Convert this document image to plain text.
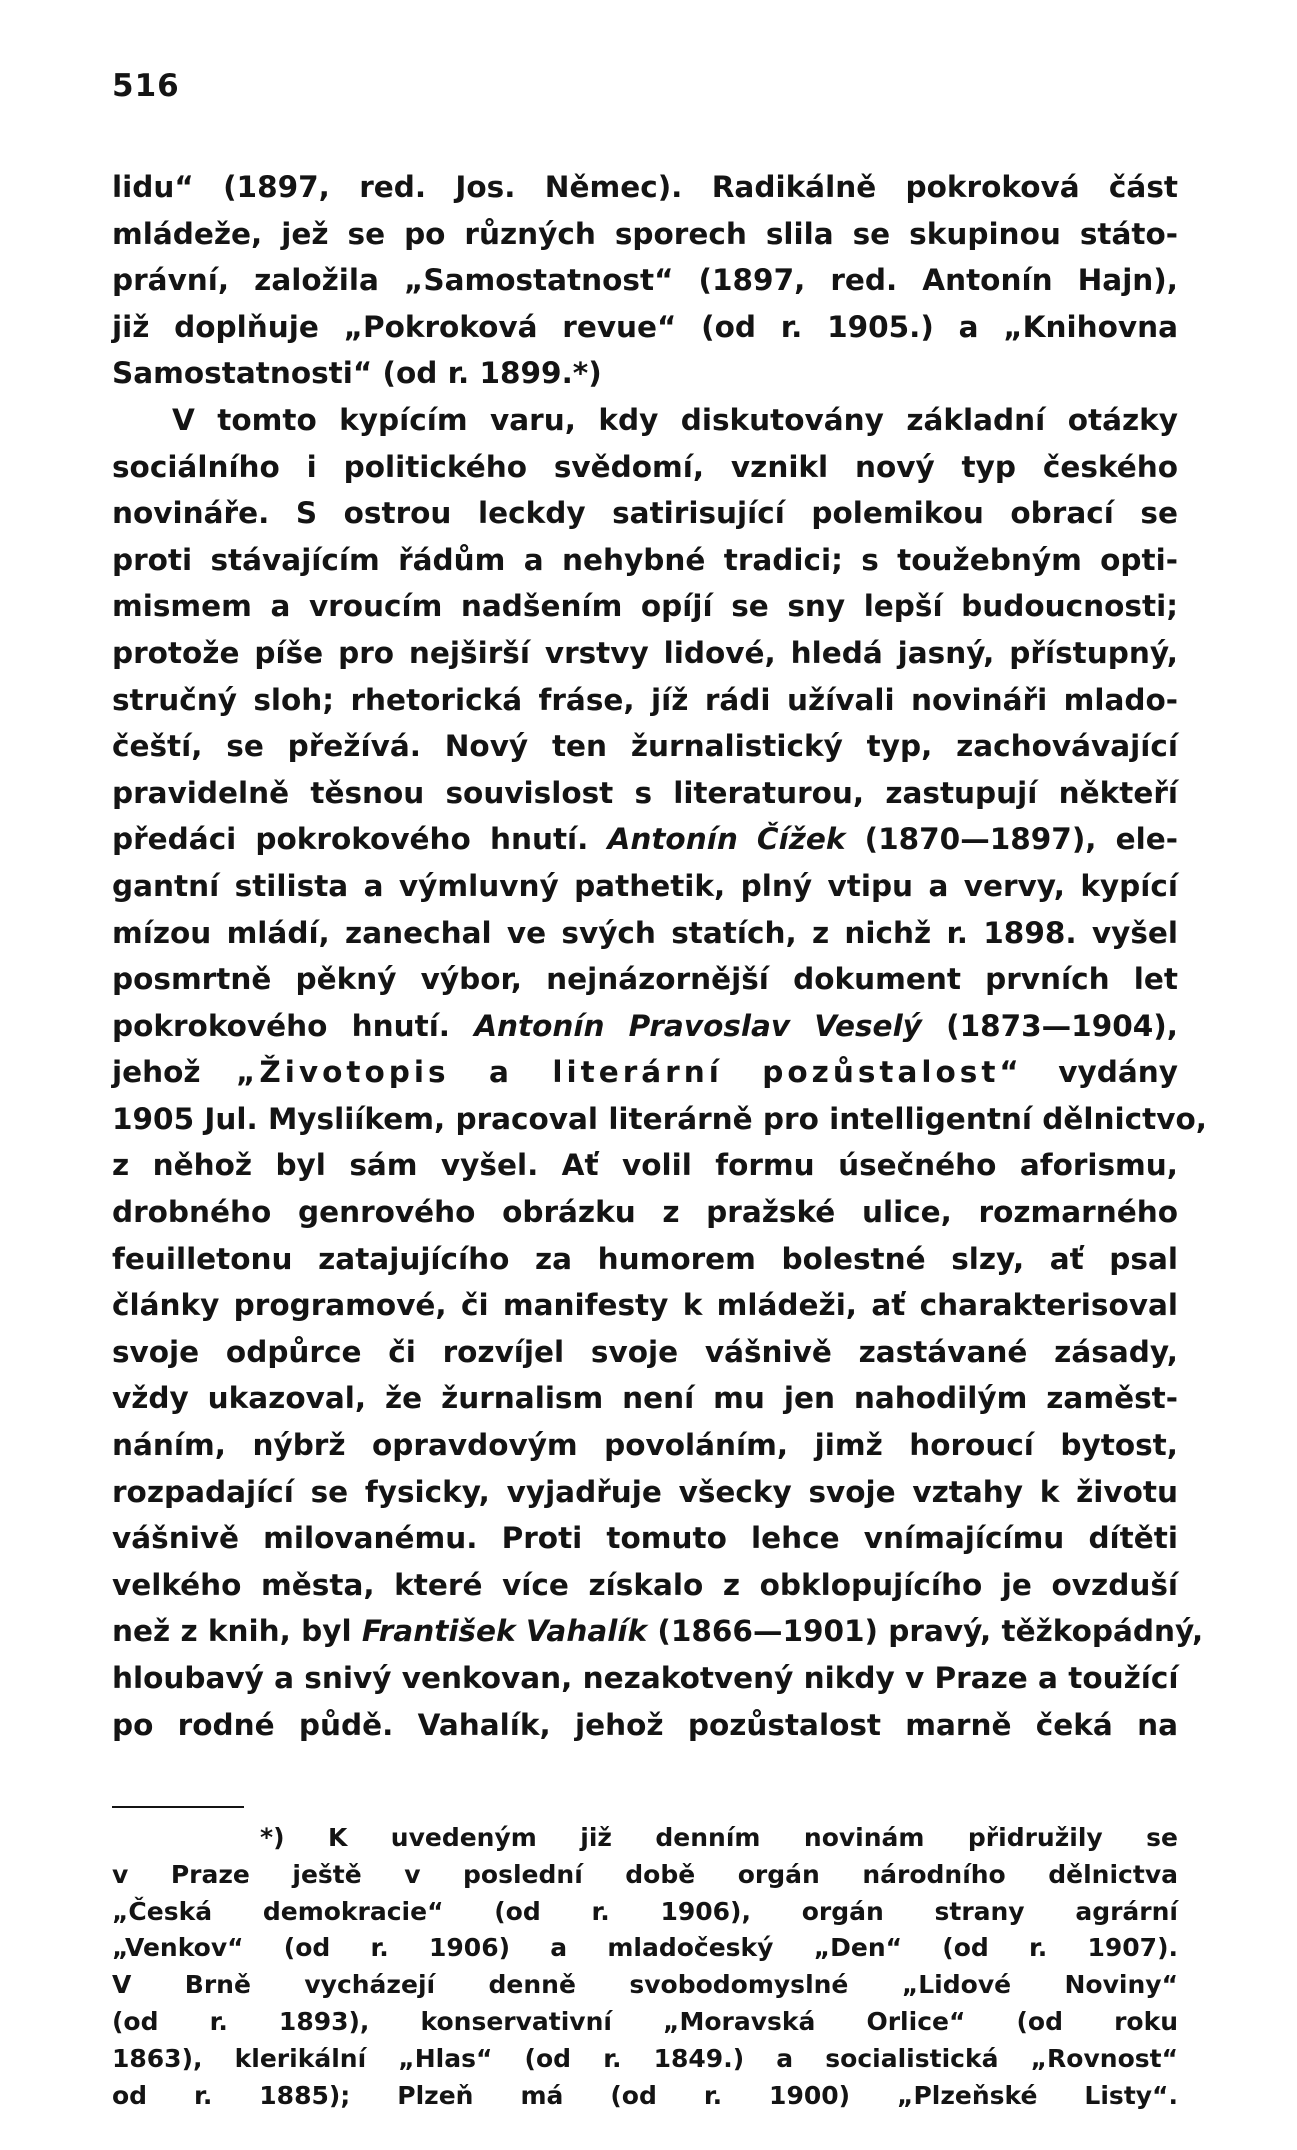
516
lidu“ (1897, red. Jos. Němec). Radikálně pokroková část
mládeže, jež se po různých sporech slila se skupinou státo-
právní, založila „Samostatnost“ (1897, red. Antonín Hajn),
již doplňuje „Pokroková revue“ (od r. 1905.) a „Knihovna
Samostatnosti“ (od r. 1899.*)
V tomto kypícím varu, kdy diskutovány základní otázky
sociálního i politického svědomí, vznikl nový typ českého
novináře. S ostrou leckdy satirisující polemikou obrací se
proti stávajícím řádům a nehybné tradici; s toužebným opti-
mismem a vroucím nadšením opíjí se sny lepší budoucnosti;
protože píše pro nejširší vrstvy lidové, hledá jasný, přístupný,
stručný sloh; rhetorická fráse, jíž rádi užívali novináři mlado-
čeští, se přežívá. Nový ten žurnalistický typ, zachovávající
pravidelně těsnou souvislost s literaturou, zastupují někteří
předáci pokrokového hnutí. Antonín Čížek (1870—1897), ele-
gantní stilista a výmluvný pathetik, plný vtipu a vervy, kypící
mízou mládí, zanechal ve svých statích, z nichž r. 1898. vyšel
posmrtně pěkný výbor, nejnázornější dokument prvních let
pokrokového hnutí. Antonín Pravoslav Veselý (1873—1904),
jehož „Životopis a literární pozůstalost“ vydány
1905 Jul. Mysliíkem, pracoval literárně pro intelligentní dělnictvo,
z něhož byl sám vyšel. Ať volil formu úsečného aforismu,
drobného genrového obrázku z pražské ulice, rozmarného
feuilletonu zatajujícího za humorem bolestné slzy, ať psal
články programové, či manifesty k mládeži, ať charakterisoval
svoje odpůrce či rozvíjel svoje vášnivě zastávané zásady,
vždy ukazoval, že žurnalism není mu jen nahodilým zaměst-
náním, nýbrž opravdovým povoláním, jimž horoucí bytost,
rozpadající se fysicky, vyjadřuje všecky svoje vztahy k životu
vášnivě milovanému. Proti tomuto lehce vnímajícímu dítěti
velkého města, které více získalo z obklopujícího je ovzduší
než z knih, byl František Vahalík (1866—1901) pravý, těžkopádný,
hloubavý a snivý venkovan, nezakotvený nikdy v Praze a toužící
po rodné půdě. Vahalík, jehož pozůstalost marně čeká na
*) K uvedeným již denním novinám přidružily se
v Praze ještě v poslední době orgán národního dělnictva
„Česká demokracie“ (od r. 1906), orgán strany agrární
„Venkov“ (od r. 1906) a mladočeský „Den“ (od r. 1907).
V Brně vycházejí denně svobodomyslné „Lidové Noviny“
(od r. 1893), konservativní „Moravská Orlice“ (od roku
1863), klerikální „Hlas“ (od r. 1849.) a socialistická „Rovnost“
od r. 1885); Plzeň má (od r. 1900) „Plzeňské Listy“.
